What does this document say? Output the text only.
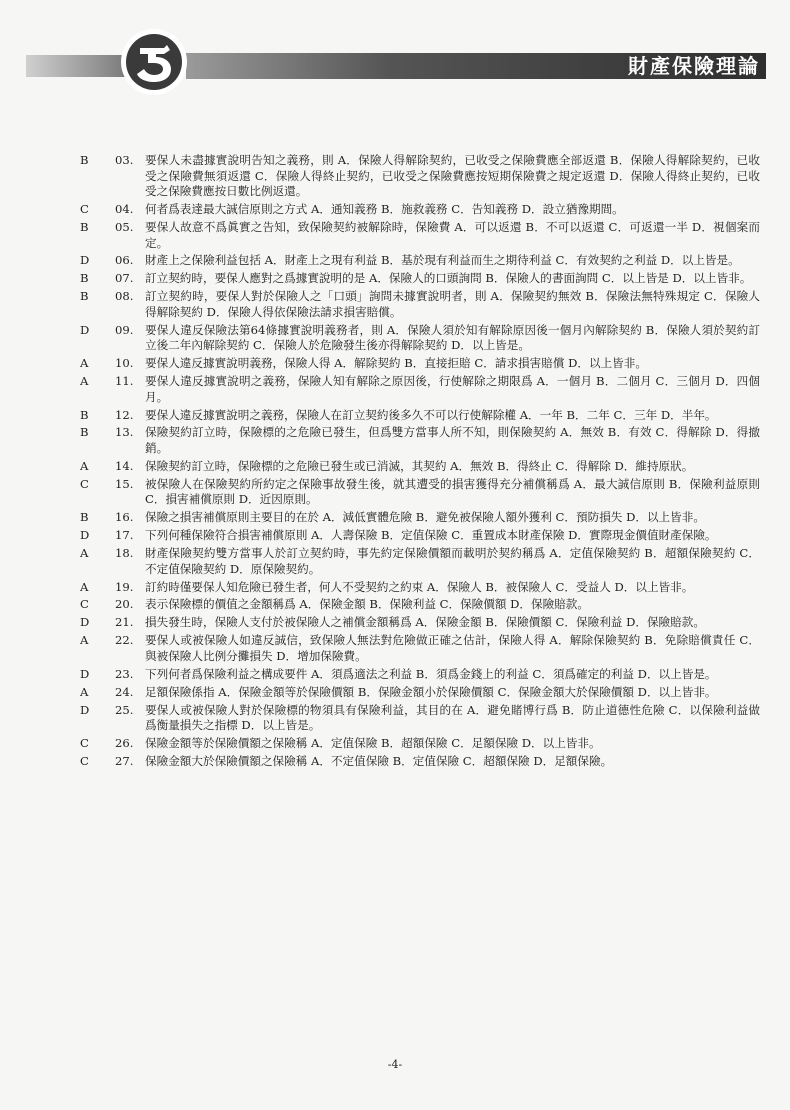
財產保險理論
B	03. 要保人未盡據實說明告知之義務，則 A．保險人得解除契約，已收受之保險費應全部返還 B．保險人得解除契約，已收受之保險費無須返還 C．保險人得終止契約，已收受之保險費應按短期保險費之規定返還 D．保險人得終止契約，已收受之保險費應按日數比例返還。
C	04. 何者爲表達最大誠信原則之方式 A．通知義務 B．施救義務 C．告知義務 D．設立猶豫期間。
B	05. 要保人故意不爲眞實之告知，致保險契約被解除時，保險費 A．可以返還 B．不可以返還 C．可返還一半 D．視個案而定。
D	06. 財產上之保險利益包括 A．財產上之現有利益 B．基於現有利益而生之期待利益 C．有效契約之利益 D．以上皆是。
B	07. 訂立契約時，要保人應對之爲據實說明的是 A．保險人的口頭詢問 B．保險人的書面詢問 C．以上皆是 D．以上皆非。
B	08. 訂立契約時，要保人對於保險人之「口頭」詢問未據實說明者，則 A．保險契約無效 B．保險法無特殊規定 C．保險人得解除契約 D．保險人得依保險法請求損害賠償。
D	09. 要保人違反保險法第64條據實說明義務者，則 A．保險人須於知有解除原因後一個月內解除契約 B．保險人須於契約訂立後二年內解除契約 C．保險人於危險發生後亦得解除契約 D．以上皆是。
A	10. 要保人違反據實說明義務，保險人得 A．解除契約 B．直接拒賠 C．請求損害賠償 D．以上皆非。
A	11. 要保人違反據實說明之義務，保險人知有解除之原因後，行使解除之期限爲 A．一個月 B．二個月 C．三個月 D．四個月。
B	12. 要保人違反據實說明之義務，保險人在訂立契約後多久不可以行使解除權 A．一年 B．二年 C．三年 D．半年。
B	13. 保險契約訂立時，保險標的之危險已發生，但爲雙方當事人所不知，則保險契約 A．無效 B．有效 C．得解除 D．得撤銷。
A	14. 保險契約訂立時，保險標的之危險已發生或已消滅，其契約 A．無效 B．得終止 C．得解除 D．維持原狀。
C	15. 被保險人在保險契約所約定之保險事故發生後，就其遭受的損害獲得充分補償稱爲 A．最大誠信原則 B．保險利益原則 C．損害補償原則 D．近因原則。
B	16. 保險之損害補償原則主要目的在於 A．減低實體危險 B．避免被保險人額外獲利 C．預防損失 D．以上皆非。
D	17. 下列何種保險符合損害補償原則 A．人壽保險 B．定值保險 C．重置成本財產保險 D．實際現金價值財產保險。
A	18. 財產保險契約雙方當事人於訂立契約時，事先約定保險價額而載明於契約稱爲 A．定值保險契約 B．超額保險契約 C．不定值保險契約 D．原保險契約。
A	19. 訂約時僅要保人知危險已發生者，何人不受契約之約束 A．保險人 B．被保險人 C．受益人 D．以上皆非。
C	20. 表示保險標的價值之金額稱爲 A．保險金額 B．保險利益 C．保險價額 D．保險賠款。
D	21. 損失發生時，保險人支付於被保險人之補償金額稱爲 A．保險金額 B．保險價額 C．保險利益 D．保險賠款。
A	22. 要保人或被保險人如違反誠信，致保險人無法對危險做正確之估計，保險人得 A．解除保險契約 B．免除賠償責任 C．與被保險人比例分攤損失 D．增加保險費。
D	23. 下列何者爲保險利益之構成要件 A．須爲適法之利益 B．須爲金錢上的利益 C．須爲確定的利益 D．以上皆是。
A	24. 足額保險係指 A．保險金額等於保險價額 B．保險金額小於保險價額 C．保險金額大於保險價額 D．以上皆非。
D	25. 要保人或被保險人對於保險標的物須具有保險利益，其目的在 A．避免賭博行爲 B．防止道德性危險 C．以保險利益做爲衡量損失之指標 D．以上皆是。
C	26. 保險金額等於保險價額之保險稱 A．定值保險 B．超額保險 C．足額保險 D．以上皆非。
C	27. 保險金額大於保險價額之保險稱 A．不定值保險 B．定值保險 C．超額保險 D．足額保險。
-4-
